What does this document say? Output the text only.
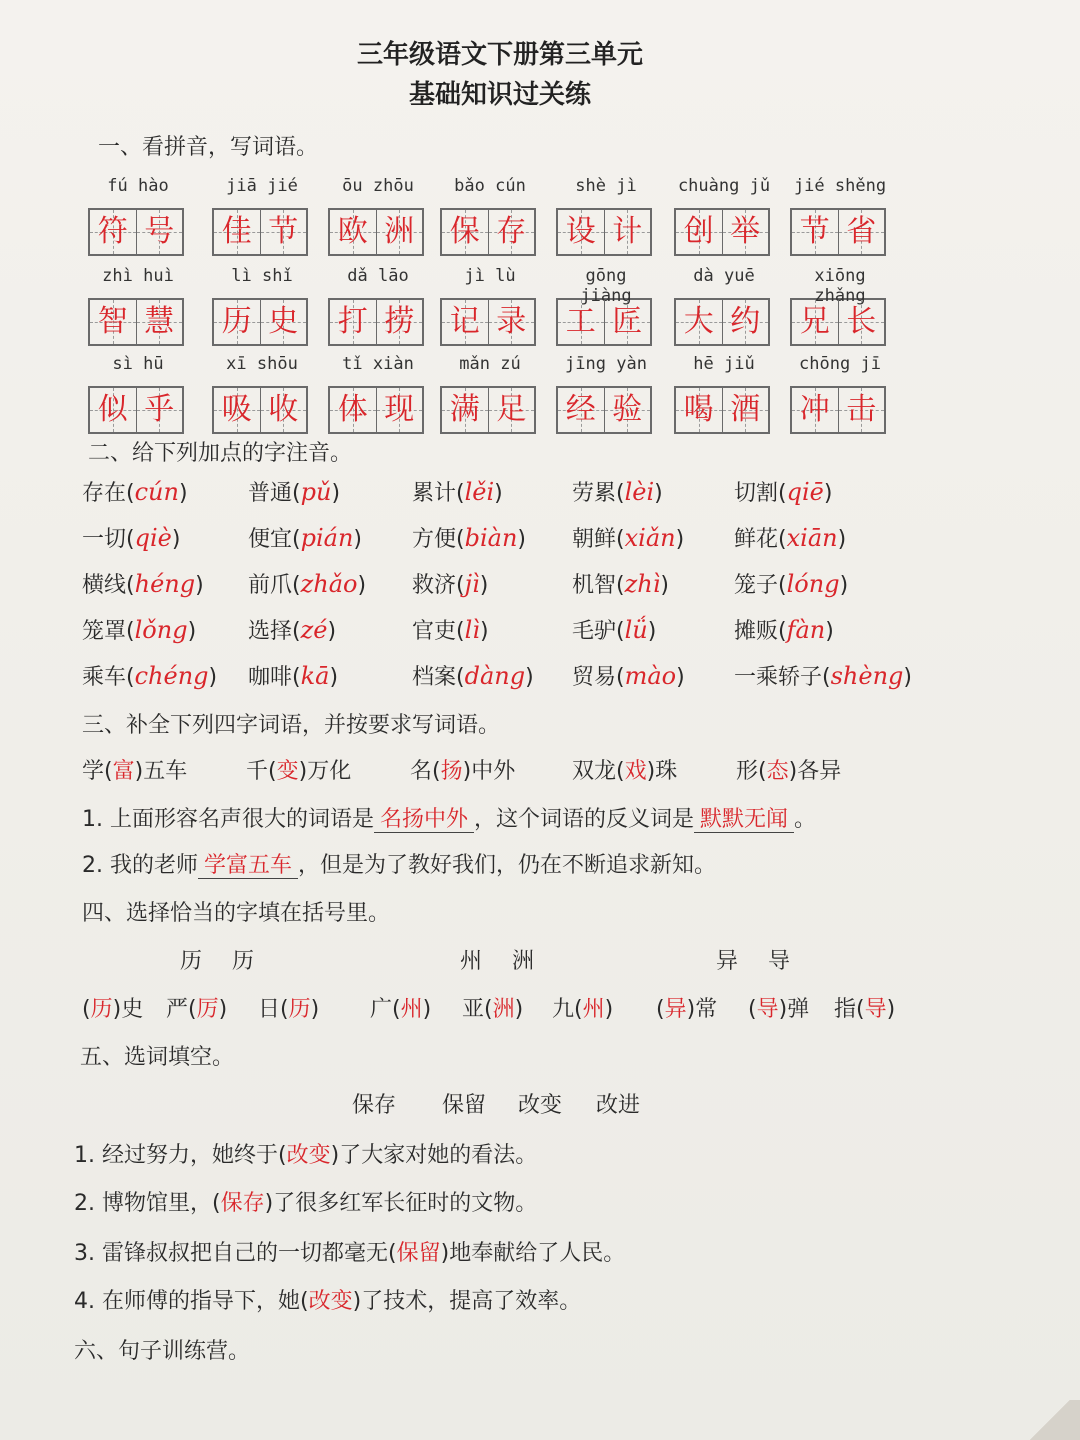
三年级语文下册第三单元
基础知识过关练
一、看拼音，写词语。
fú hào
符 号
jiā jié
佳 节
ōu zhōu
欧 洲
bǎo cún
保 存
shè jì
设 计
chuàng jǔ
创 举
jié shěng
节 省
zhì huì
智 慧
lì shǐ
历 史
dǎ lāo
打 捞
jì lù
记 录
gōng jiàng
工 匠
dà yuē
大 约
xiōng zhǎng
兄 长
sì hū
似 乎
xī shōu
吸 收
tǐ xiàn
体 现
mǎn zú
满 足
jīng yàn
经 验
hē jiǔ
喝 酒
chōng jī
冲 击
二、给下列加点的字注音。
存在(cún)	普通(pǔ)	累计(lěi)	劳累(lèi)	切割(qiē)
一切(qiè)	便宜(pián) 方便(biàn) 朝鲜(xiǎn) 鲜花(xiān)
横线(héng) 前爪(zhǎo) 救济(jì)	机智(zhì)	笼子(lóng)
笼罩(lǒng) 选择(zé)	官吏(lì)	毛驴(lǘ)	摊贩(fàn)
乘车(chéng) 咖啡(kā)	档案(dàng) 贸易(mào) 一乘轿子(shèng)
三、补全下列四字词语，并按要求写词语。
学(富)五车	千(变)万化	名(扬)中外	双龙(戏)珠	形(态)各异
1. 上面形容名声很大的词语是 名扬中外 ，这个词语的反义词是 默默无闻 。
2. 我的老师 学富五车 ，但是为了教好我们，仍在不断追求新知。
四、选择恰当的字填在括号里。
历　历
(历)史 严(厉) 日(历)
州　洲
广(州) 亚(洲) 九(州)
异　导
(异)常 (导)弹 指(导)
五、选词填空。
保存 保留 改变 改进
1. 经过努力，她终于(改变)了大家对她的看法。
2. 博物馆里，(保存)了很多红军长征时的文物。
3. 雷锋叔叔把自己的一切都毫无(保留)地奉献给了人民。
4. 在师傅的指导下，她(改变)了技术，提高了效率。
六、句子训练营。
